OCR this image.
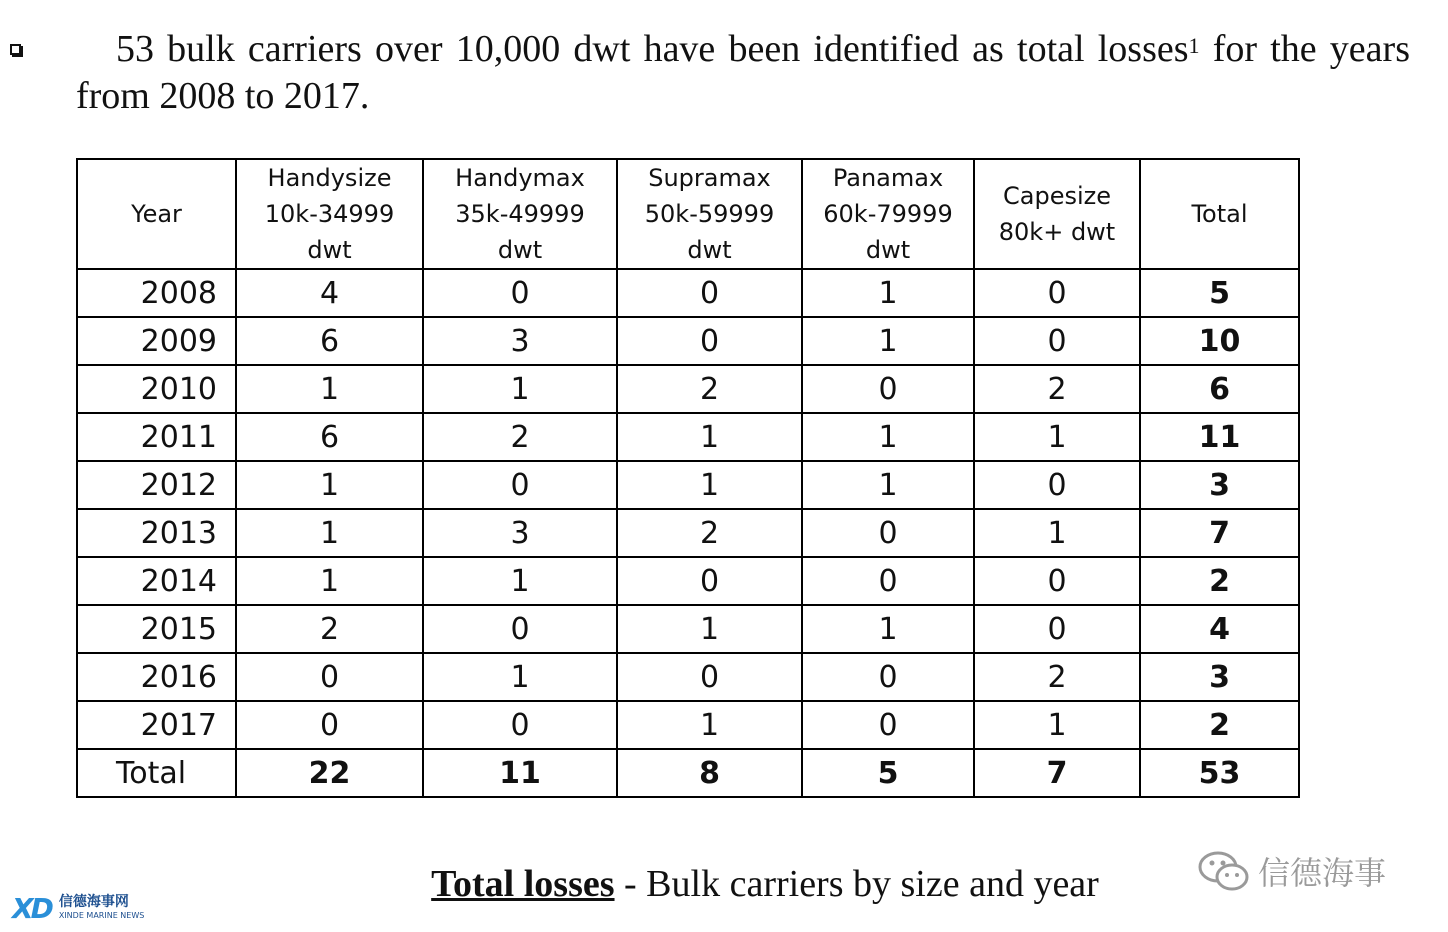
53 bulk carriers over 10,000 dwt have been identified as total losses$^1$ for the years from 2008 to 2017.

Year	Handysize
10k-34999
dwt	Handymax
35k-49999
dwt	Supramax
50k-59999
dwt	Panamax
60k-79999
dwt	Capesize
80k+ dwt	Total
2008	4	0	0	1	0	5
2009	6	3	0	1	0	10
2010	1	1	2	0	2	6
2011	6	2	1	1	1	11
2012	1	0	1	1	0	3
2013	1	3	2	0	1	7
2014	1	1	0	0	0	2
2015	2	0	1	1	0	4
2016	0	1	0	0	2	3
2017	0	0	1	0	1	2
Total	22	11	8	5	7	53
Total losses - Bulk carriers by size and year
XD 信德海事网
XINDE MARINE NEWS
信德海事
